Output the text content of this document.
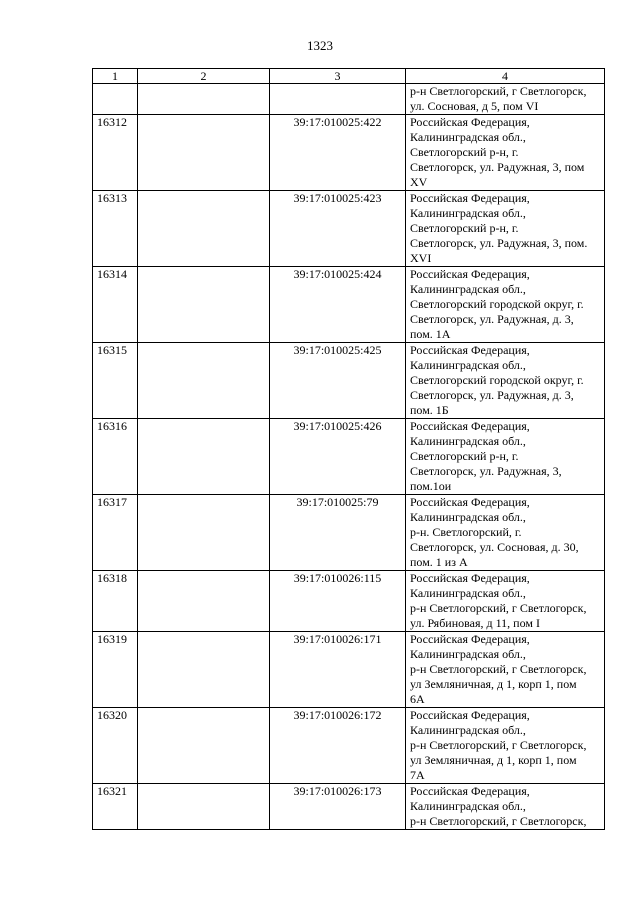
1323
1	2	3	4

			р-н Светлогорский, г Светлогорск,
ул. Сосновая, д 5, пом VI

16312		39:17:010025:422	Российская Федерация,
Калининградская обл.,
Светлогорский р-н, г.
Светлогорск, ул. Радужная, 3, пом
XV

16313		39:17:010025:423	Российская Федерация,
Калининградская обл.,
Светлогорский р-н, г.
Светлогорск, ул. Радужная, 3, пом.
XVI

16314		39:17:010025:424	Российская Федерация,
Калининградская обл.,
Светлогорский городской округ, г.
Светлогорск, ул. Радужная, д. 3,
пом. 1А

16315		39:17:010025:425	Российская Федерация,
Калининградская обл.,
Светлогорский городской округ, г.
Светлогорск, ул. Радужная, д. 3,
пом. 1Б

16316		39:17:010025:426	Российская Федерация,
Калининградская обл.,
Светлогорский р-н, г.
Светлогорск, ул. Радужная, 3,
пом.1ои

16317		39:17:010025:79	Российская Федерация,
Калининградская обл.,
р-н. Светлогорский, г.
Светлогорск, ул. Сосновая, д. 30,
пом. 1 из А

16318		39:17:010026:115	Российская Федерация,
Калининградская обл.,
р-н Светлогорский, г Светлогорск,
ул. Рябиновая, д 11, пом I

16319		39:17:010026:171	Российская Федерация,
Калининградская обл.,
р-н Светлогорский, г Светлогорск,
ул Земляничная, д 1, корп 1, пом
6А

16320		39:17:010026:172	Российская Федерация,
Калининградская обл.,
р-н Светлогорский, г Светлогорск,
ул Земляничная, д 1, корп 1, пом
7А

16321		39:17:010026:173	Российская Федерация,
Калининградская обл.,
р-н Светлогорский, г Светлогорск,
